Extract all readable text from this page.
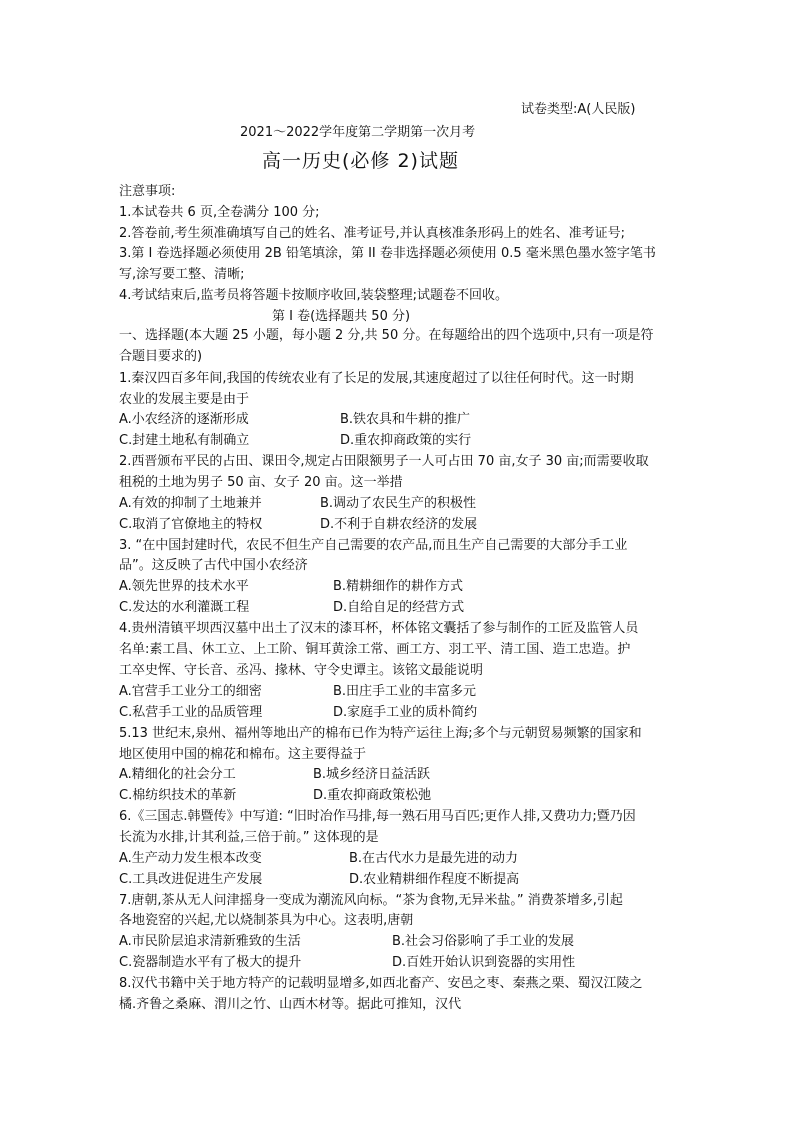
试卷类型:A(人民版)
2021～2022学年度第二学期第一次月考
高一历史(必修 2)试题
注意事项:
1.本试卷共 6 页,全卷满分 100 分;
2.答卷前,考生须准确填写自己的姓名、准考证号,并认真核准条形码上的姓名、准考证号;
3.第 I 卷选择题必须使用 2B 铅笔填涂，第 II 卷非选择题必须使用 0.5 毫米黑色墨水签字笔书
写,涂写要工整、清晰;
4.考试结束后,监考员将答题卡按顺序收回,装袋整理;试题卷不回收。
第 I 卷(选择题共 50 分)
一、选择题(本大题 25 小题，每小题 2 分,共 50 分。在每题给出的四个选项中,只有一项是符
合题目要求的)
1.秦汉四百多年间,我国的传统农业有了长足的发展,其速度超过了以往任何时代。这一时期
农业的发展主要是由于
A.小农经济的逐渐形成	B.铁农具和牛耕的推广
C.封建土地私有制确立	D.重农抑商政策的实行
2.西晋颁布平民的占田、课田令,规定占田限额男子一人可占田 70 亩,女子 30 亩;而需要收取
租税的土地为男子 50 亩、女子 20 亩。这一举措
A.有效的抑制了土地兼并	B.调动了农民生产的积极性
C.取消了官僚地主的特权	D.不利于自耕农经济的发展
3. “在中国封建时代，农民不但生产自己需要的农产品,而且生产自己需要的大部分手工业
品”。这反映了古代中国小农经济
A.领先世界的技术水平	B.精耕细作的耕作方式
C.发达的水利灌溉工程	D.自给自足的经营方式
4.贵州清镇平坝西汉墓中出土了汉末的漆耳杯，杯体铭文囊括了参与制作的工匠及监管人员
名单:素工昌、休工立、上工阶、铜耳黄涂工常、画工方、羽工平、清工国、造工忠造。护
工卒史恽、守长音、丞冯、掾林、守令史谭主。该铭文最能说明
A.官营手工业分工的细密	B.田庄手工业的丰富多元
C.私营手工业的品质管理	D.家庭手工业的质朴简约
5.13 世纪末,泉州、福州等地出产的棉布已作为特产运往上海;多个与元朝贸易频繁的国家和
地区使用中国的棉花和棉布。这主要得益于
A.精细化的社会分工	B.城乡经济日益活跃
C.棉纺织技术的革新	D.重农抑商政策松弛
6.《三国志.韩暨传》中写道: “旧时冶作马排,每一熟石用马百匹;更作人排,又费功力;暨乃因
长流为水排,计其利益,三倍于前。” 这体现的是
A.生产动力发生根本改变	B.在古代水力是最先进的动力
C.工具改进促进生产发展	D.农业精耕细作程度不断提高
7.唐朝,茶从无人问津摇身一变成为潮流风向标。“茶为食物,无异米盐。” 消费茶增多,引起
各地瓷窑的兴起,尤以烧制茶具为中心。这表明,唐朝
A.市民阶层追求清新雅致的生活	B.社会习俗影响了手工业的发展
C.瓷器制造水平有了极大的提升	D.百姓开始认识到瓷器的实用性
8.汉代书籍中关于地方特产的记载明显增多,如西北畜产、安邑之枣、秦燕之栗、蜀汉江陵之
橘.齐鲁之桑麻、渭川之竹、山西木材等。据此可推知，汉代
